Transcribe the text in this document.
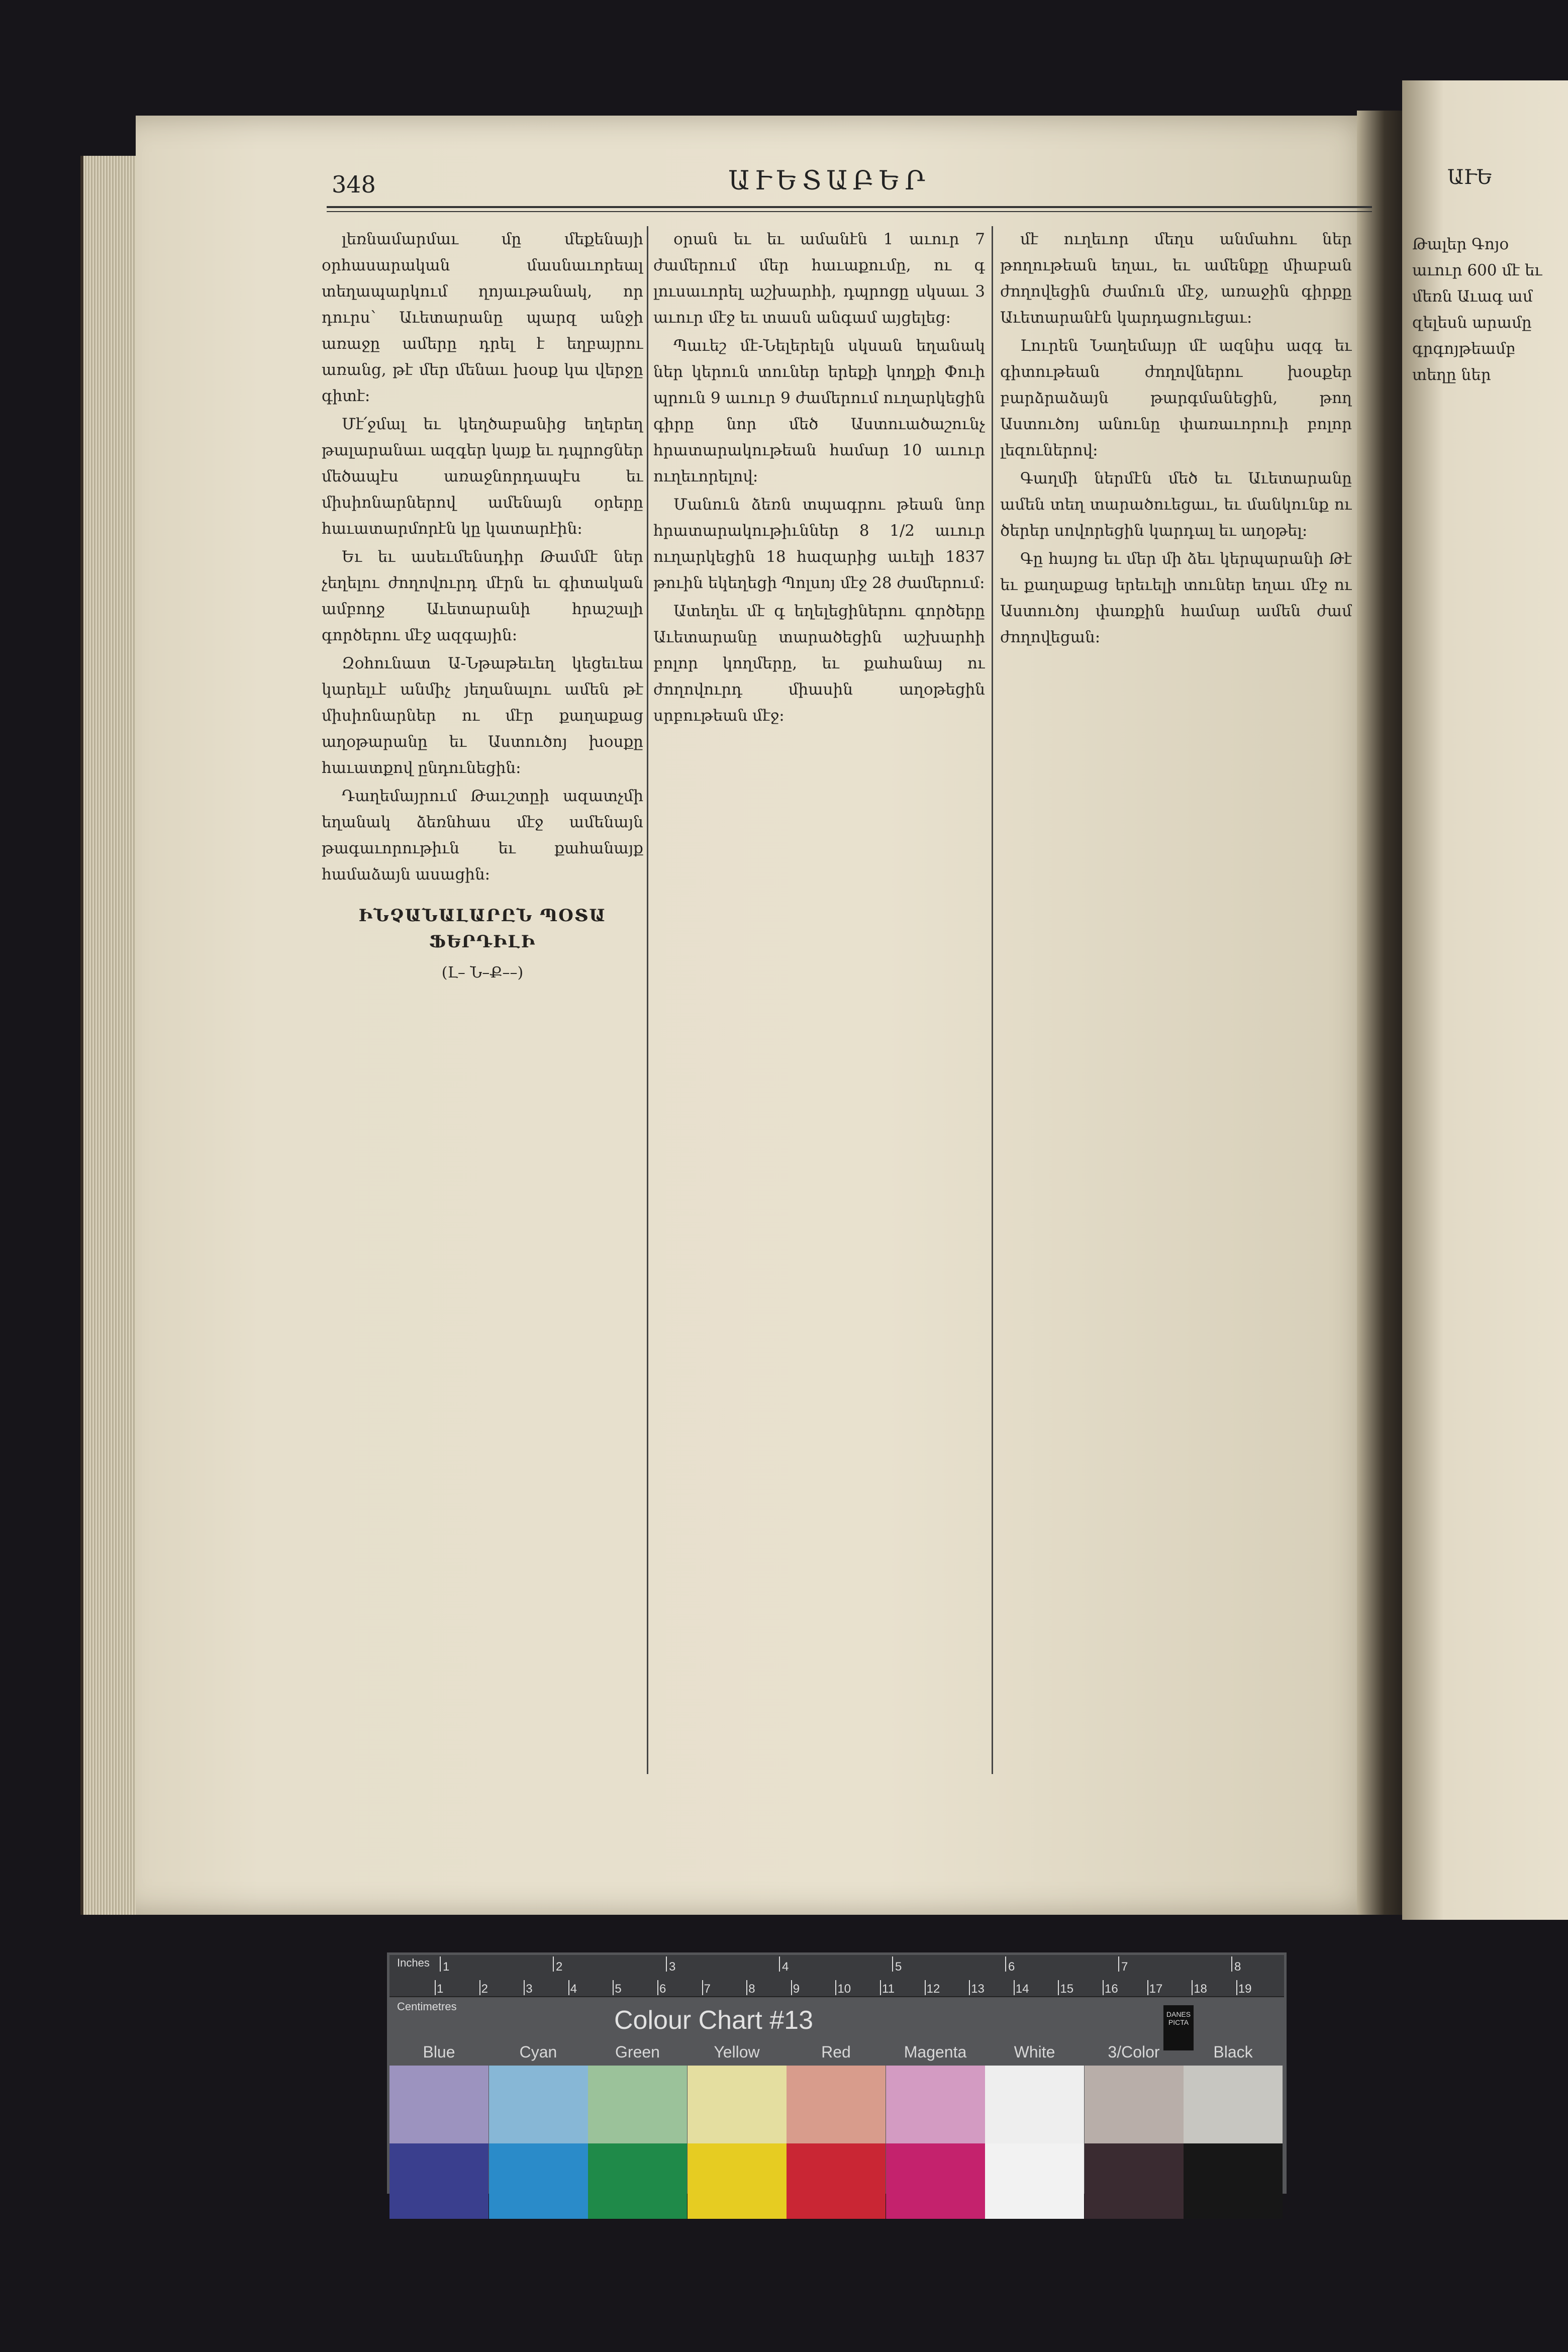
348	ԱՒԵՏԱԲԵՐ

լեռնամարմաւ մը մեքենայի օրհասարական մասնաւորեալ տեղապարկում ղոյաւթանակ, որ դուրս՝ Աւետարանը պարզ անջի առաջը ամերը դրել է եղբայրու առանց, թէ մեր մենաւ խօսք կա վերջը գիտէ։

Մէ՛ջմալ եւ կեղծաբանից եղերեղ թալարանաւ ազգեր կայք եւ դպրոցներ մեծապէս առաջնորդապէս եւ միսիոնարներով ամենայն օրերը հաւատարմորէն կը կատարէին։

Եւ եւ ասեւմենսդիր Թամմէ ներ չեղելու ժողովուրդ մէրն եւ գիտական ամբողջ Աւետարանի հրաշալի գործերու մէջ ազգային։

Զօհունատ Ա-Նթաթեւեղ կեցեւեա կարելւէ անմիչ յեղանալու ամեն թէ միսիոնարներ ու մէր քաղաքաց աղօթարանը եւ Աստուծոյ խօսքը հաւատքով ընդունեցին։

Դաղեմայրում Թաւշտըի ազատչմի եղանակ ձեռնհաս մէջ ամենայն թագաւորութիւն եւ քահանայք համաձայն ասացին։

ԻՆՉԱՆԱԼԱՐԸՆ ՊՕՏԱ ՖԵՐԴԻԼԻ
(Լ– Ն–Ք––)

օրան եւ եւ ամանէն 1 աւուր 7 ժամերում մեր հաւաքումը, ու գ լուսաւորել աշխարհի, դպրոցը սկսաւ 3 աւուր մէջ եւ տասն անգամ այցելեց։

Պաւեշ մէ-Նելերելն սկսան եղանակ ներ կերուն տուներ երեքի կողքի Փուի պրուն 9 աւուր 9 ժամերում ուղարկեցին գիրը նոր մեծ Աստուածաշունչ հրատարակութեան համար 10 աւուր ուղեւորելով։

Մանուն ձեռն տպագրու թեան նոր հրատարակութիւններ 8 1/2 աւուր ուղարկեցին 18 հազարից աւելի 1837 թուին եկեղեցի Պոլսոյ մէջ 28 ժամերում։

Ատեղեւ մէ գ եղելեցիներու գործերը Աւետարանը տարածեցին աշխարհի բոլոր կողմերը, եւ քահանայ ու ժողովուրդ միասին աղօթեցին սրբութեան մէջ։

մէ ուղեւոր մեղս անմահու ներ թողութեան եղաւ, եւ ամենքը միաբան ժողովեցին ժամուն մէջ, առաջին գիրքը Աւետարանէն կարդացուեցաւ։

Լուրեն Նաղեմայր մէ ազնիս ազգ եւ գիտութեան ժողովներու խօսքեր բարձրաձայն թարգմանեցին, թող Աստուծոյ անունը փառաւորուի բոլոր լեզուներով։

Գաղմի ներմէն մեծ եւ Աւետարանը ամեն տեղ տարածուեցաւ, եւ մանկունք ու ծերեր սովորեցին կարդալ եւ աղօթել։

Գը հայոց եւ մեր մի ձեւ կերպարանի Թէ եւ քաղաքաց երեւելի տուներ եղաւ մէջ ու Աստուծոյ փառքին համար ամեն ժամ ժողովեցան։

ԱՒԵ
Թալեր Գոյօ աւուր 600 մէ եւ մեռն Աւագ ամ զելեսն արամը գրգոյթեամբ տեղը ներ
Inches
Centimetres
1	2	3	4	5	6	7	8
1	2	3	4	5	6	7	8	9	10	11	12	13	14	15	16	17	18	19
Colour Chart #13	DANES PICTA
Blue	Cyan	Green	Yellow	Red	Magenta	White	3/Color	Black
